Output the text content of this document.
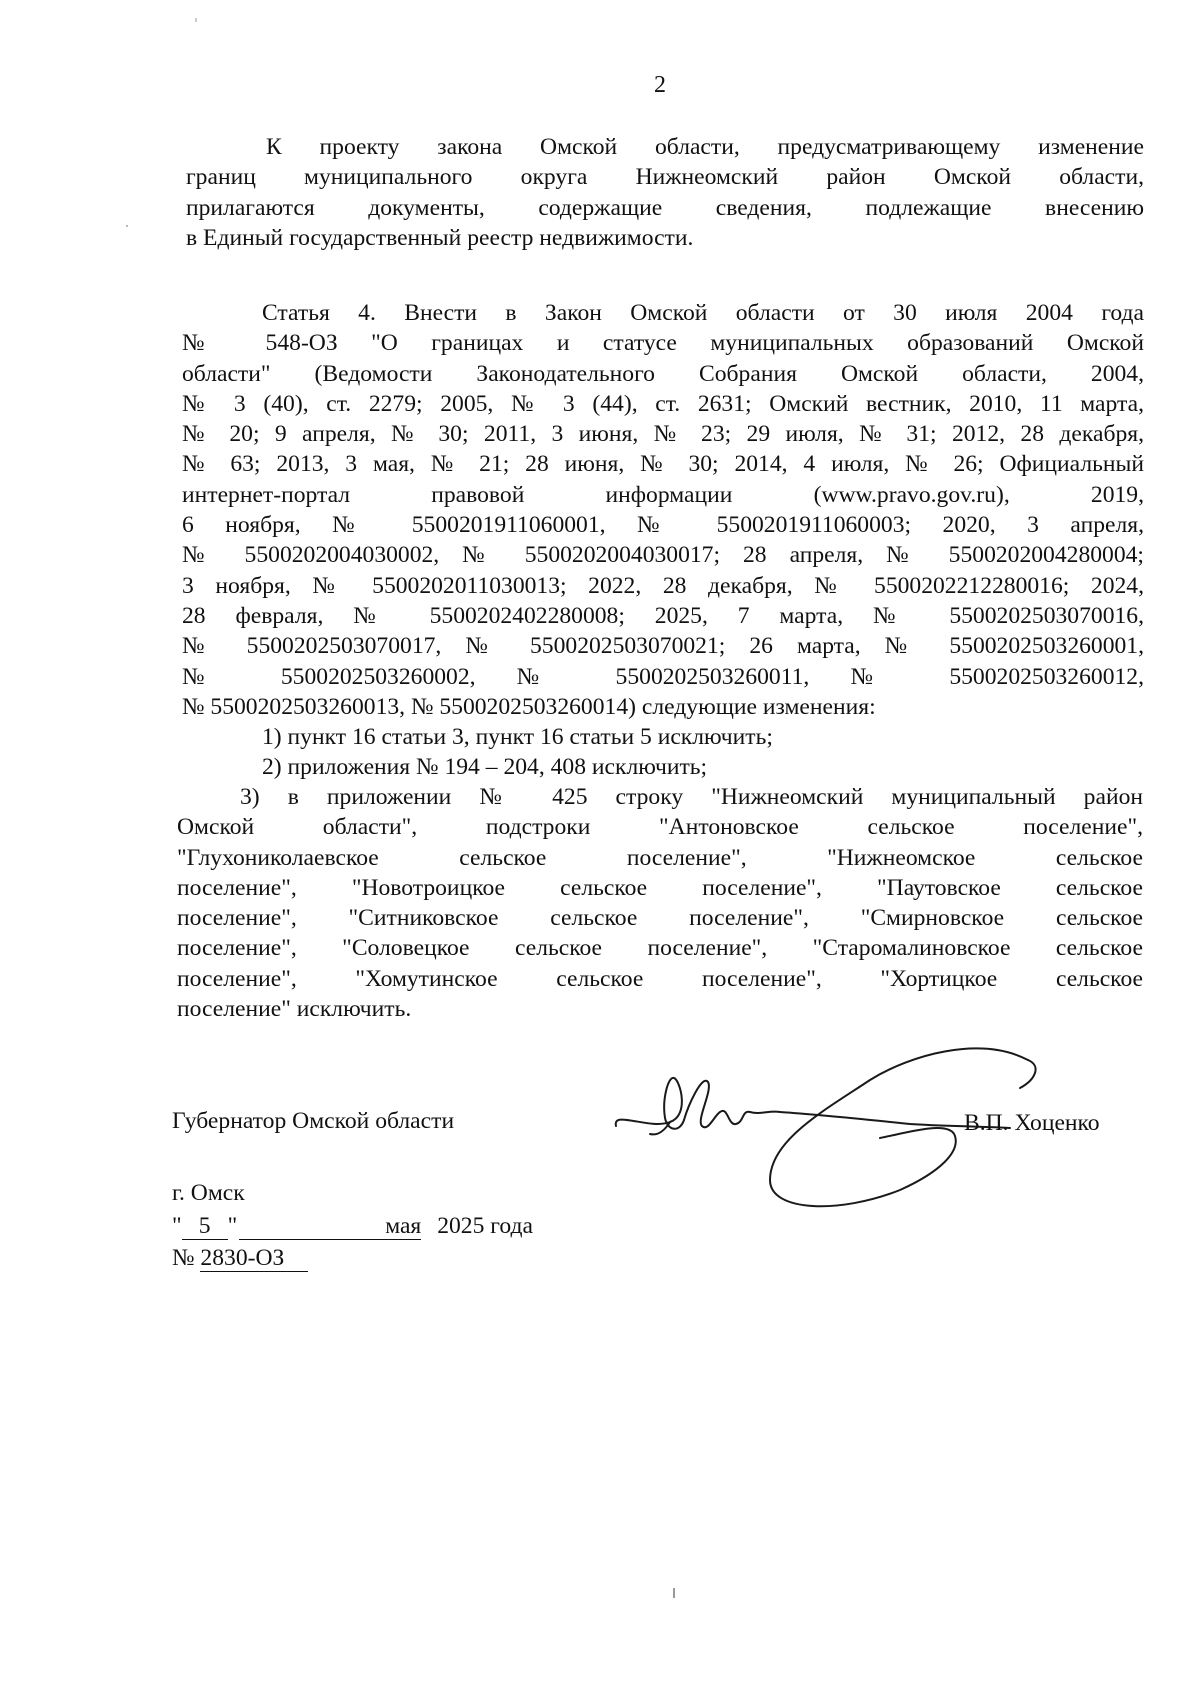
2
К проекту закона Омской области, предусматривающему изменение
границ муниципального округа Нижнеомский район Омской области,
прилагаются документы, содержащие сведения, подлежащие внесению
в Единый государственный реестр недвижимости.
Статья 4. Внести в Закон Омской области от 30 июля 2004 года
№ 548-ОЗ "О границах и статусе муниципальных образований Омской
области" (Ведомости Законодательного Собрания Омской области, 2004,
№ 3 (40), ст. 2279; 2005, № 3 (44), ст. 2631; Омский вестник, 2010, 11 марта,
№ 20; 9 апреля, № 30; 2011, 3 июня, № 23; 29 июля, № 31; 2012, 28 декабря,
№ 63; 2013, 3 мая, № 21; 28 июня, № 30; 2014, 4 июля, № 26; Официальный
интернет-портал правовой информации (www.pravo.gov.ru), 2019,
6 ноября, № 5500201911060001, № 5500201911060003; 2020, 3 апреля,
№ 5500202004030002, № 5500202004030017; 28 апреля, № 5500202004280004;
3 ноября, № 5500202011030013; 2022, 28 декабря, № 5500202212280016; 2024,
28 февраля, № 5500202402280008; 2025, 7 марта, № 5500202503070016,
№ 5500202503070017, № 5500202503070021; 26 марта, № 5500202503260001,
№ 5500202503260002, № 5500202503260011, № 5500202503260012,
№ 5500202503260013, № 5500202503260014) следующие изменения:
1) пункт 16 статьи 3, пункт 16 статьи 5 исключить;
2) приложения № 194 – 204, 408 исключить;
3) в приложении № 425 строку "Нижнеомский муниципальный район
Омской области", подстроки "Антоновское сельское поселение",
"Глухониколаевское сельское поселение", "Нижнеомское сельское
поселение", "Новотроицкое сельское поселение", "Паутовское сельское
поселение", "Ситниковское сельское поселение", "Смирновское сельское
поселение", "Соловецкое сельское поселение", "Старомалиновское сельское
поселение", "Хомутинское сельское поселение", "Хортицкое сельское
поселение" исключить.
Губернатор Омской области	В.П. Хоценко
г. Омск
" 5 "	мая 2025 года
№ 2830-ОЗ
